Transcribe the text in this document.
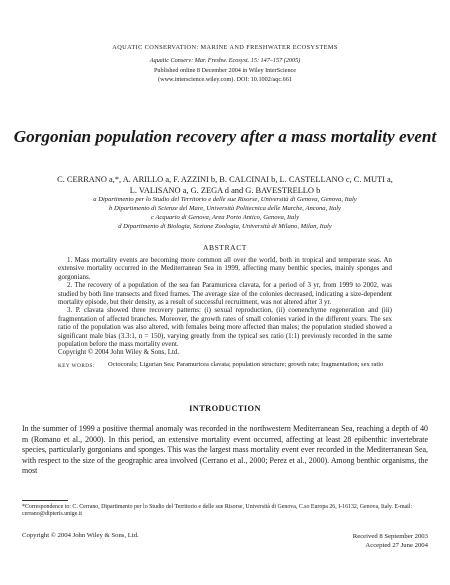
AQUATIC CONSERVATION: MARINE AND FRESHWATER ECOSYSTEMS
Aquatic Conserv: Mar. Freshw. Ecosyst. 15: 147–157 (2005)
Published online 8 December 2004 in Wiley InterScience
(www.interscience.wiley.com). DOI: 10.1002/aqc.661
Gorgonian population recovery after a mass mortality event
C. CERRANO a,*, A. ARILLO a, F. AZZINI b, B. CALCINAI b, L. CASTELLANO c, C. MUTI a,
L. VALISANO a, G. ZEGA d and G. BAVESTRELLO b
a Dipartimento per lo Studio del Territorio e delle sue Risorse, Università di Genova, Genova, Italy
b Dipartimento di Scienze del Mare, Università Politecnica delle Marche, Ancona, Italy
c Acquario di Genova, Area Porto Antico, Genova, Italy
d Dipartimento di Biologia, Sezione Zoologia, Università di Milano, Milan, Italy
ABSTRACT

1. Mass mortality events are becoming more common all over the world, both in tropical and temperate seas. An extensive mortality occurred in the Mediterranean Sea in 1999, affecting many benthic species, mainly sponges and gorgonians.

2. The recovery of a population of the sea fan Paramuricea clavata, for a period of 3 yr, from 1999 to 2002, was studied by both line transects and fixed frames. The average size of the colonies decreased, indicating a size-dependent mortality episode, but their density, as a result of successful recruitment, was not altered after 3 yr.

3. P. clavata showed three recovery patterns: (i) sexual reproduction, (ii) coenenchyme regeneration and (iii) fragmentation of affected branches. Moreover, the growth rates of small colonies varied in the different years. The sex ratio of the population was also altered, with females being more affected than males; the population studied showed a significant male bias (3.3:1, n = 150), varying greatly from the typical sex ratio (1:1) previously recorded in the same population before the mass mortality event.

Copyright © 2004 John Wiley & Sons, Ltd.

KEY WORDS:	Octocorals; Ligurian Sea; Paramuricea clavata; population structure; growth rate; fragmentation; sex ratio
INTRODUCTION

In the summer of 1999 a positive thermal anomaly was recorded in the northwestern Mediterranean Sea, reaching a depth of 40 m (Romano et al., 2000). In this period, an extensive mortality event occurred, affecting at least 28 epibenthic invertebrate species, particularly gorgonians and sponges. This was the largest mass mortality event ever recorded in the Mediterranean Sea, with respect to the size of the geographic area involved (Cerrano et al., 2000; Perez et al., 2000). Among benthic organisms, the most

*Correspondence to: C. Cerrano, Dipartimento per lo Studio del Territorio e delle sue Risorse, Università di Genova, C.so Europa 26, I-16132, Genova, Italy. E-mail: cerrano@dipteris.unige.it
Copyright © 2004 John Wiley & Sons, Ltd.	Received 8 September 2003
Accepted 27 June 2004
